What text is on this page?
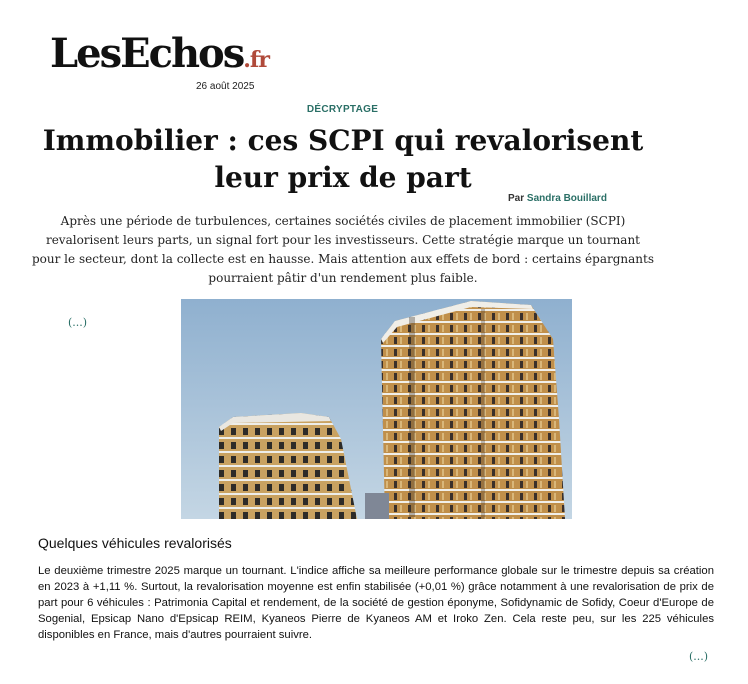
LesEchos.fr
26 août 2025
DÉCRYPTAGE
Immobilier : ces SCPI qui revalorisent leur prix de part
Par Sandra Bouillard
Après une période de turbulences, certaines sociétés civiles de placement immobilier (SCPI) revalorisent leurs parts, un signal fort pour les investisseurs. Cette stratégie marque un tournant pour le secteur, dont la collecte est en hausse. Mais attention aux effets de bord : certains épargnants pourraient pâtir d'un rendement plus faible.
(...)
Quelques véhicules revalorisés
Le deuxième trimestre 2025 marque un tournant. L'indice affiche sa meilleure performance globale sur le trimestre depuis sa création en 2023 à +1,11 %. Surtout, la revalorisation moyenne est enfin stabilisée (+0,01 %) grâce notamment à une revalorisation de prix de part pour 6 véhicules : Patrimonia Capital et rendement, de la société de gestion éponyme, Sofidynamic de Sofidy, Coeur d'Europe de Sogenial, Epsicap Nano d'Epsicap REIM, Kyaneos Pierre de Kyaneos AM et Iroko Zen. Cela reste peu, sur les 225 véhicules disponibles en France, mais d'autres pourraient suivre.
(...)
